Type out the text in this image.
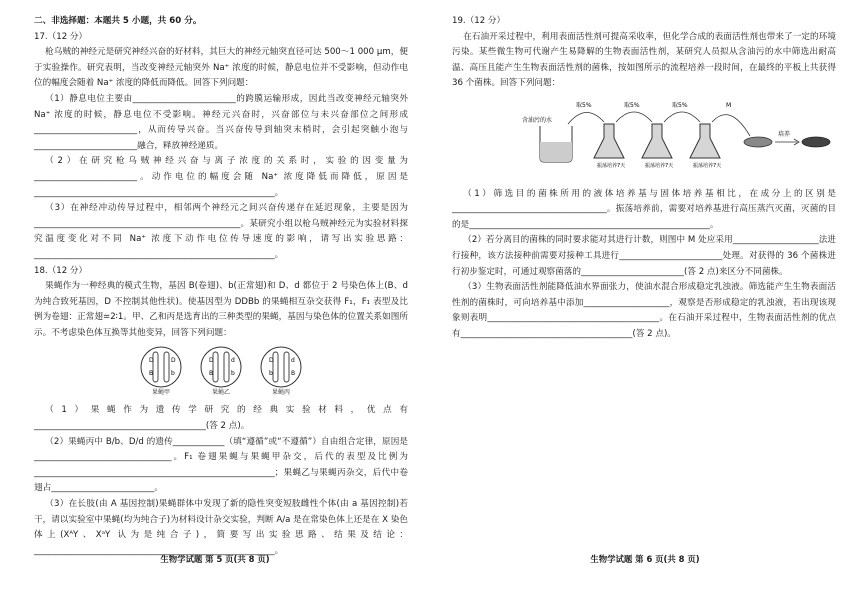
二、非选择题：本题共 5 小题，共 60 分。

17.（12 分）

枪乌贼的神经元是研究神经兴奋的好材料，其巨大的神经元轴突直径可达 500～1 000 μm，便于实验操作。研究表明，当改变神经元轴突外 Na⁺ 浓度的时候，静息电位并不受影响，但动作电位的幅度会随着 Na⁺ 浓度的降低而降低。回答下列问题：

（1）静息电位主要由________________________的跨膜运输形成，因此当改变神经元轴突外 Na⁺ 浓度的时候，静息电位不受影响。神经元兴奋时，兴奋部位与未兴奋部位之间形成________________________，从而传导兴奋。当兴奋传导到轴突末梢时，会引起突触小泡与________________________融合，释放神经递质。

（2）在研究枪乌贼神经兴奋与离子浓度的关系时，实验的因变量为________________________。动作电位的幅度会随 Na⁺ 浓度降低而降低，原因是________________________________________________________。

（3）在神经冲动传导过程中，相邻两个神经元之间兴奋传递存在延迟现象，主要是因为________________________________________________。某研究小组以枪乌贼神经元为实验材料探究温度变化对不同 Na⁺ 浓度下动作电位传导速度的影响，请写出实验思路：________________________________________________________。

18.（12 分）

果蝇作为一种经典的模式生物，基因 B(卷翅)、b(正常翅)和 D、d 都位于 2 号染色体上(B、d 为纯合致死基因，D 不控制其他性状)。使基因型为 DDBb 的果蝇相互杂交获得 F₁，F₁ 表型及比例为卷翅：正常翅=2∶1。甲、乙和丙是选育出的三种类型的果蝇，基因与染色体的位置关系如图所示。不考虑染色体互换等其他变异，回答下列问题：

D	D
B	b
果蝇甲
D	d
B	b
果蝇乙
D	d
b	B
果蝇丙

（1）果蝇作为遗传学研究的经典实验材料，优点有________________________________________(答 2 点)。

（2）果蝇丙中 B/b、D/d 的遗传____________（填“遵循”或“不遵循”）自由组合定律，原因是________________________________。F₁ 卷翅果蝇与果蝇甲杂交，后代的表型及比例为________________________________________________________；果蝇乙与果蝇丙杂交，后代中卷翅占________________________。

（3）在长肢(由 A 基因控制)果蝇群体中发现了新的隐性突变短肢雌性个体(由 a 基因控制)若干，请以实验室中果蝇(均为纯合子)为材料设计杂交实验，判断 A/a 是在常染色体上还是在 X 染色体上(XᴬY、XᵃY 认为是纯合子)，简要写出实验思路、结果及结论：________________________________________________________。

生物学试题 第 5 页(共 8 页)

19.（12 分）

在石油开采过程中，利用表面活性剂可提高采收率，但化学合成的表面活性剂也带来了一定的环境污染。某些微生物可代谢产生易降解的生物表面活性剂，某研究人员拟从含油污的水中筛选出耐高温、高压且能产生生物表面活性剂的菌株，按如图所示的流程培养一段时间，在最终的平板上共获得 36 个菌株。回答下列问题：

含油污的水
振荡培养7天	振荡培养7天	振荡培养7天
取5%	取5%	取5%	M
培养

（1）筛选目的菌株所用的液体培养基与固体培养基相比，在成分上的区别是____________________________________。振荡培养前，需要对培养基进行高压蒸汽灭菌，灭菌的目的是________________________________________________________。

（2）若分离目的菌株的同时要求能对其进行计数，则图中 M 处应采用____________________法进行接种，该方法接种前需要对接种工具进行________________________处理。对获得的 36 个菌株进行初步鉴定时，可通过观察菌落的________________________(答 2 点)来区分不同菌株。

（3）生物表面活性剂能降低油水界面张力，使油水混合形成稳定乳浊液。筛选能产生生物表面活性剂的菌株时，可向培养基中添加____________________，观察是否形成稳定的乳浊液，若出现该现象则表明________________________________________。在石油开采过程中，生物表面活性剂的优点有________________________________________(答 2 点)。

生物学试题 第 6 页(共 8 页)
